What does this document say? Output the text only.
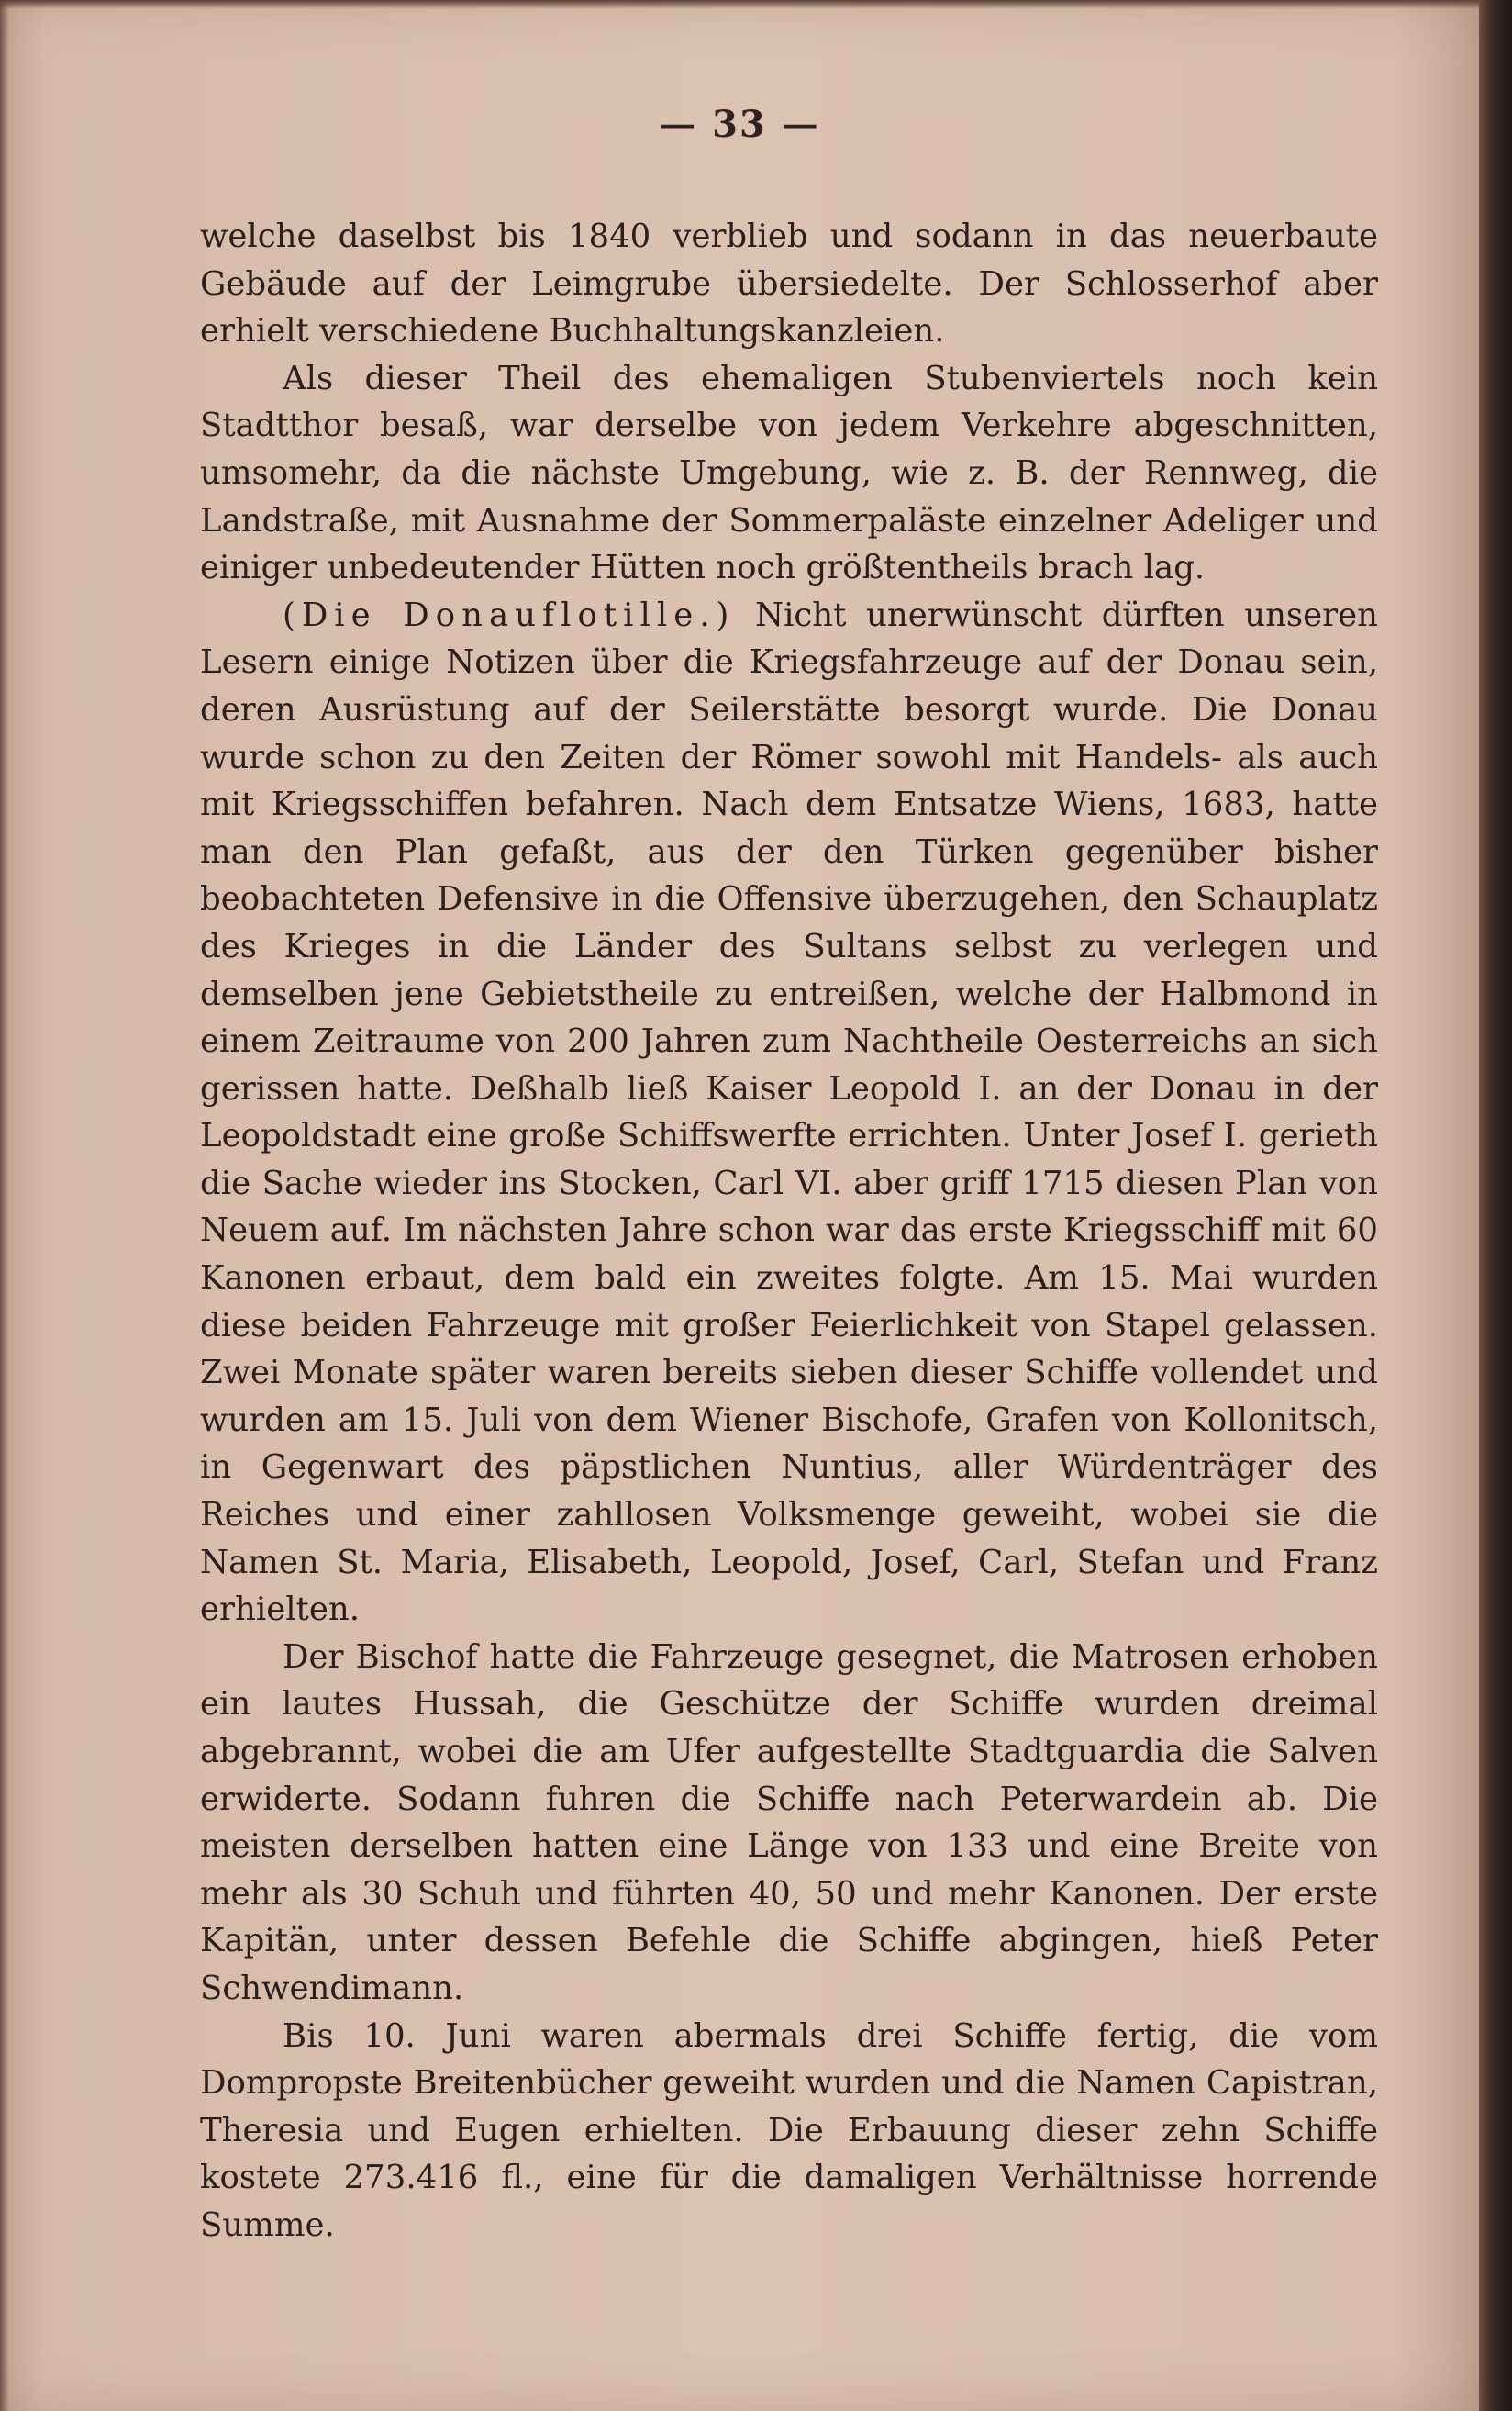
— 33 —

welche daselbst bis 1840 verblieb und sodann in das neuerbaute Gebäude auf der Leimgrube übersiedelte. Der Schlosserhof aber erhielt verschiedene Buchhaltungskanzleien.

Als dieser Theil des ehemaligen Stubenviertels noch kein Stadtthor besaß, war derselbe von jedem Verkehre abgeschnitten, umsomehr, da die nächste Umgebung, wie z. B. der Rennweg, die Landstraße, mit Ausnahme der Sommerpaläste einzelner Adeliger und einiger unbedeutender Hütten noch größtentheils brach lag.

(Die Donauflotille.) Nicht unerwünscht dürften unseren Lesern einige Notizen über die Kriegsfahrzeuge auf der Donau sein, deren Ausrüstung auf der Seilerstätte besorgt wurde. Die Donau wurde schon zu den Zeiten der Römer sowohl mit Handels- als auch mit Kriegsschiffen befahren. Nach dem Entsatze Wiens, 1683, hatte man den Plan gefaßt, aus der den Türken gegenüber bisher beobachteten Defensive in die Offensive überzugehen, den Schauplatz des Krieges in die Länder des Sultans selbst zu verlegen und demselben jene Gebietstheile zu entreißen, welche der Halbmond in einem Zeitraume von 200 Jahren zum Nachtheile Oesterreichs an sich gerissen hatte. Deßhalb ließ Kaiser Leopold I. an der Donau in der Leopoldstadt eine große Schiffswerfte errichten. Unter Josef I. gerieth die Sache wieder ins Stocken, Carl VI. aber griff 1715 diesen Plan von Neuem auf. Im nächsten Jahre schon war das erste Kriegsschiff mit 60 Kanonen erbaut, dem bald ein zweites folgte. Am 15. Mai wurden diese beiden Fahrzeuge mit großer Feierlichkeit von Stapel gelassen. Zwei Monate später waren bereits sieben dieser Schiffe vollendet und wurden am 15. Juli von dem Wiener Bischofe, Grafen von Kollonitsch, in Gegenwart des päpstlichen Nuntius, aller Würdenträger des Reiches und einer zahllosen Volksmenge geweiht, wobei sie die Namen St. Maria, Elisabeth, Leopold, Josef, Carl, Stefan und Franz erhielten.

Der Bischof hatte die Fahrzeuge gesegnet, die Matrosen erhoben ein lautes Hussah, die Geschütze der Schiffe wurden dreimal abgebrannt, wobei die am Ufer aufgestellte Stadtguardia die Salven erwiderte. Sodann fuhren die Schiffe nach Peterwardein ab. Die meisten derselben hatten eine Länge von 133 und eine Breite von mehr als 30 Schuh und führten 40, 50 und mehr Kanonen. Der erste Kapitän, unter dessen Befehle die Schiffe abgingen, hieß Peter Schwendimann.

Bis 10. Juni waren abermals drei Schiffe fertig, die vom Dompropste Breitenbücher geweiht wurden und die Namen Capistran, Theresia und Eugen erhielten. Die Erbauung dieser zehn Schiffe kostete 273.416 fl., eine für die damaligen Verhältnisse horrende Summe.
